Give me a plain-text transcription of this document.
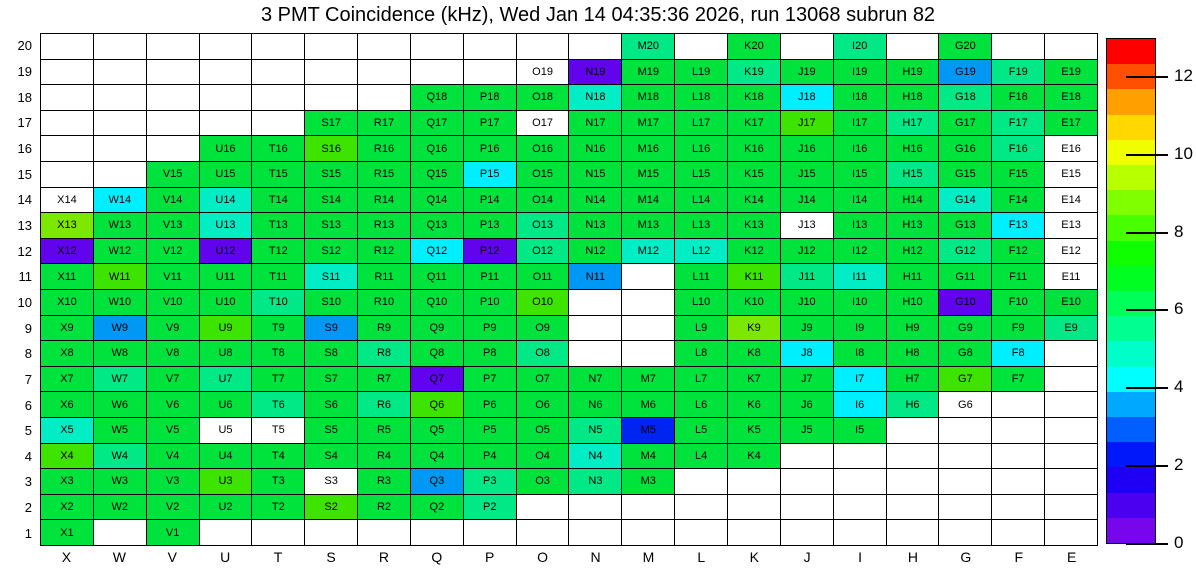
3 PMT Coincidence (kHz), Wed Jan 14 04:35:36 2026, run 13068 subrun 82
20
19
18
17
16
15
14
13
12
11
10
9
8
7
6
5
4
3
2
1
M20	K20	I20	G20
O19	N19	M19	L19	K19	J19	I19	H19	G19	F19	E19
Q18	P18	O18	N18	M18	L18	K18	J18	I18	H18	G18	F18	E18
S17	R17	Q17	P17	O17	N17	M17	L17	K17	J17	I17	H17	G17	F17	E17
U16	T16	S16	R16	Q16	P16	O16	N16	M16	L16	K16	J16	I16	H16	G16	F16	E16
V15	U15	T15	S15	R15	Q15	P15	O15	N15	M15	L15	K15	J15	I15	H15	G15	F15	E15
X14	W14	V14	U14	T14	S14	R14	Q14	P14	O14	N14	M14	L14	K14	J14	I14	H14	G14	F14	E14
X13	W13	V13	U13	T13	S13	R13	Q13	P13	O13	N13	M13	L13	K13	J13	I13	H13	G13	F13	E13
X12	W12	V12	U12	T12	S12	R12	Q12	P12	O12	N12	M12	L12	K12	J12	I12	H12	G12	F12	E12
X11	W11	V11	U11	T11	S11	R11	Q11	P11	O11	N11	L11	K11	J11	I11	H11	G11	F11	E11
X10	W10	V10	U10	T10	S10	R10	Q10	P10	O10	L10	K10	J10	I10	H10	G10	F10	E10
X9	W9	V9	U9	T9	S9	R9	Q9	P9	O9	L9	K9	J9	I9	H9	G9	F9	E9
X8	W8	V8	U8	T8	S8	R8	Q8	P8	O8	L8	K8	J8	I8	H8	G8	F8
X7	W7	V7	U7	T7	S7	R7	Q7	P7	O7	N7	M7	L7	K7	J7	I7	H7	G7	F7
X6	W6	V6	U6	T6	S6	R6	Q6	P6	O6	N6	M6	L6	K6	J6	I6	H6	G6
X5	W5	V5	U5	T5	S5	R5	Q5	P5	O5	N5	M5	L5	K5	J5	I5
X4	W4	V4	U4	T4	S4	R4	Q4	P4	O4	N4	M4	L4	K4
X3	W3	V3	U3	T3	S3	R3	Q3	P3	O3	N3	M3
X2	W2	V2	U2	T2	S2	R2	Q2	P2
X1	V1
X	W	V	U	T	S	R	Q	P	O	N	M	L	K	J	I	H	G	F	E
12
10
8
6
4
2
0
